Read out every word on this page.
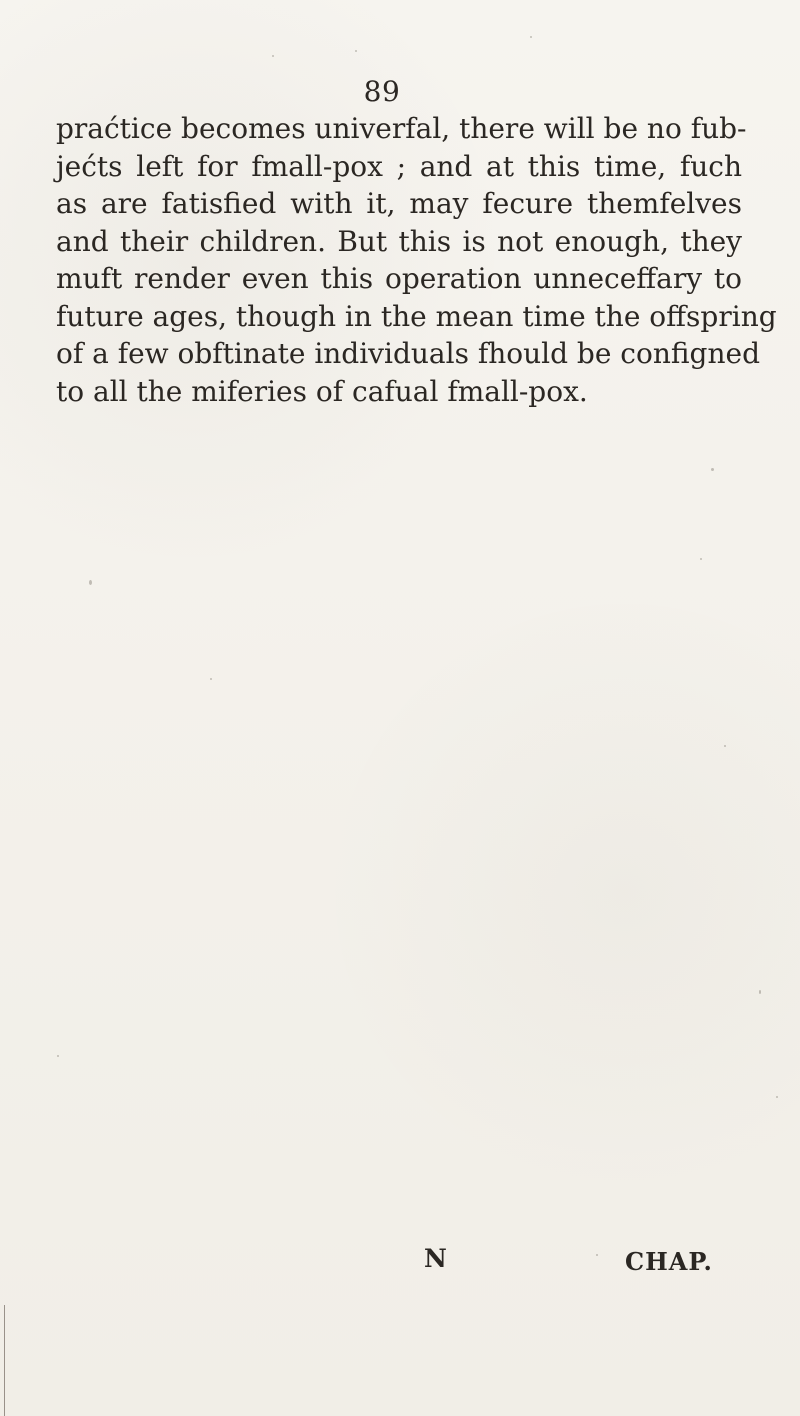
89
praćtice becomes univerfal, there will be no fub-
jećts left for fmall-pox ; and at this time, fuch
as are fatisfied with it, may fecure themfelves
and their children. But this is not enough, they
muft render even this operation unneceffary to
future ages, though in the mean time the offspring
of a few obftinate individuals fhould be configned
to all the miferies of cafual fmall-pox.
N	CHAP.
